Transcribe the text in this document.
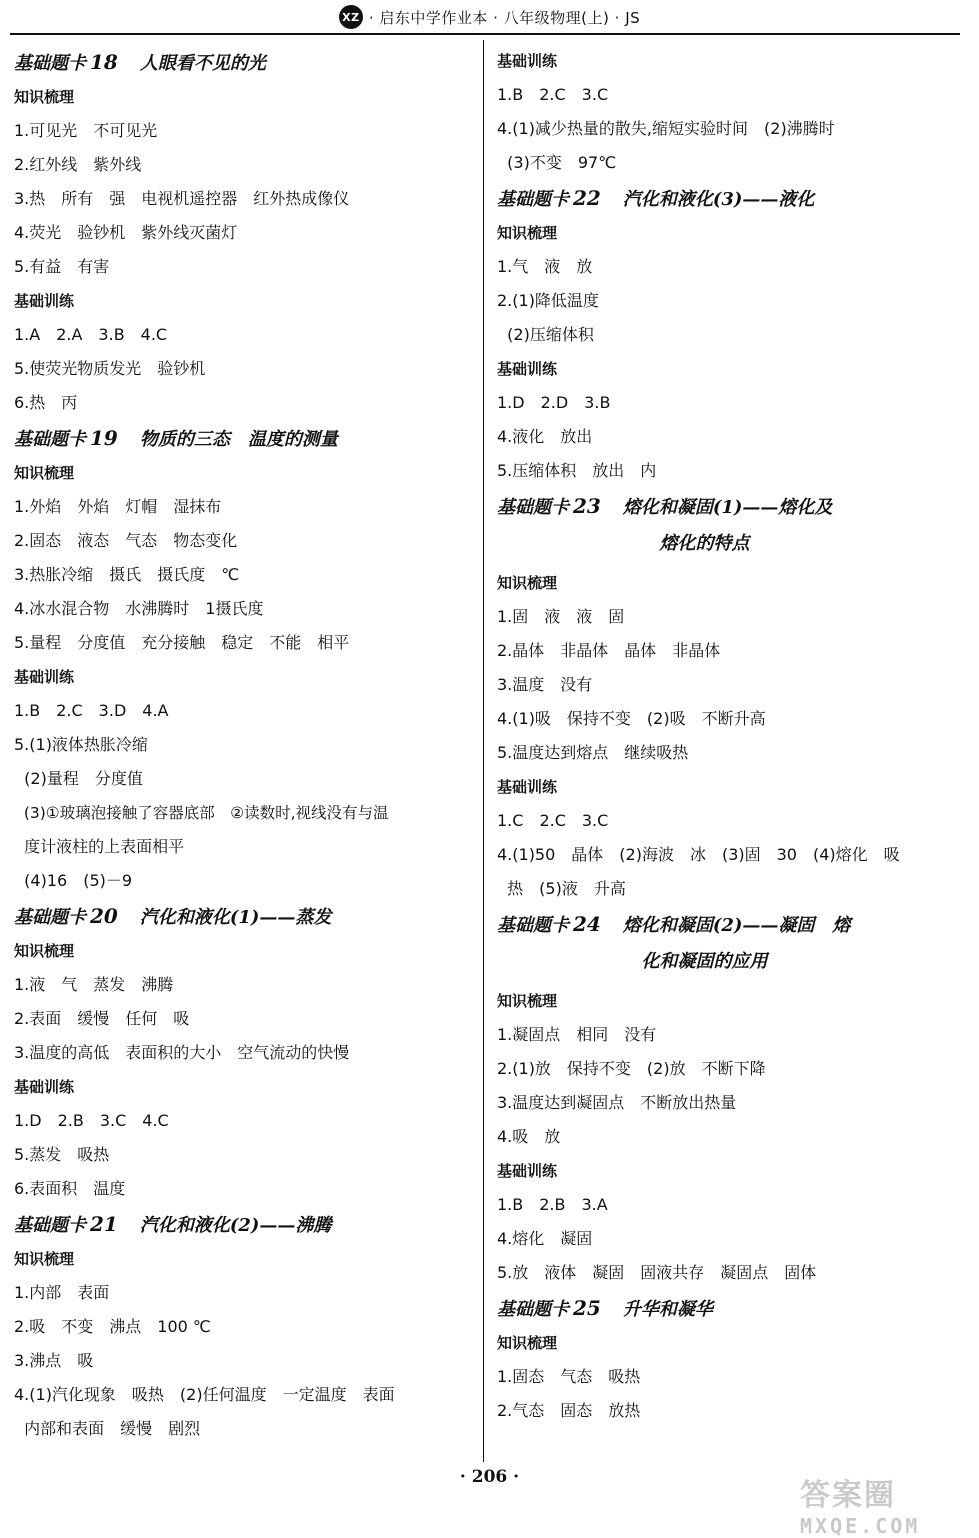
XZ · 启东中学作业本 · 八年级物理(上) · JS
基础题卡 18 人眼看不见的光
知识梳理
1.可见光　不可见光
2.红外线　紫外线
3.热　所有　强　电视机遥控器　红外热成像仪
4.荧光　验钞机　紫外线灭菌灯
5.有益　有害
基础训练
1.A　2.A　3.B　4.C
5.使荧光物质发光　验钞机
6.热　丙
基础题卡 19 物质的三态　温度的测量
知识梳理
1.外焰　外焰　灯帽　湿抹布
2.固态　液态　气态　物态变化
3.热胀冷缩　摄氏　摄氏度　℃
4.冰水混合物　水沸腾时　1摄氏度
5.量程　分度值　充分接触　稳定　不能　相平
基础训练
1.B　2.C　3.D　4.A
5.(1)液体热胀冷缩
(2)量程　分度值
(3)①玻璃泡接触了容器底部　②读数时,视线没有与温
度计液柱的上表面相平
(4)16　(5)－9
基础题卡 20 汽化和液化(1)——蒸发
知识梳理
1.液　气　蒸发　沸腾
2.表面　缓慢　任何　吸
3.温度的高低　表面积的大小　空气流动的快慢
基础训练
1.D　2.B　3.C　4.C
5.蒸发　吸热
6.表面积　温度
基础题卡 21 汽化和液化(2)——沸腾
知识梳理
1.内部　表面
2.吸　不变　沸点　100 ℃
3.沸点　吸
4.(1)汽化现象　吸热　(2)任何温度　一定温度　表面
内部和表面　缓慢　剧烈
基础训练
1.B　2.C　3.C
4.(1)减少热量的散失,缩短实验时间　(2)沸腾时
(3)不变　97℃
基础题卡 22 汽化和液化(3)——液化
知识梳理
1.气　液　放
2.(1)降低温度
(2)压缩体积
基础训练
1.D　2.D　3.B
4.液化　放出
5.压缩体积　放出　内
基础题卡 23 熔化和凝固(1)——熔化及
熔化的特点
知识梳理
1.固　液　液　固
2.晶体　非晶体　晶体　非晶体
3.温度　没有
4.(1)吸　保持不变　(2)吸　不断升高
5.温度达到熔点　继续吸热
基础训练
1.C　2.C　3.C
4.(1)50　晶体　(2)海波　冰　(3)固　30　(4)熔化　吸
热　(5)液　升高
基础题卡 24 熔化和凝固(2)——凝固　熔
化和凝固的应用
知识梳理
1.凝固点　相同　没有
2.(1)放　保持不变　(2)放　不断下降
3.温度达到凝固点　不断放出热量
4.吸　放
基础训练
1.B　2.B　3.A
4.熔化　凝固
5.放　液体　凝固　固液共存　凝固点　固体
基础题卡 25 升华和凝华
知识梳理
1.固态　气态　吸热
2.气态　固态　放热
· 206 ·
答案圈
MXQE.COM
